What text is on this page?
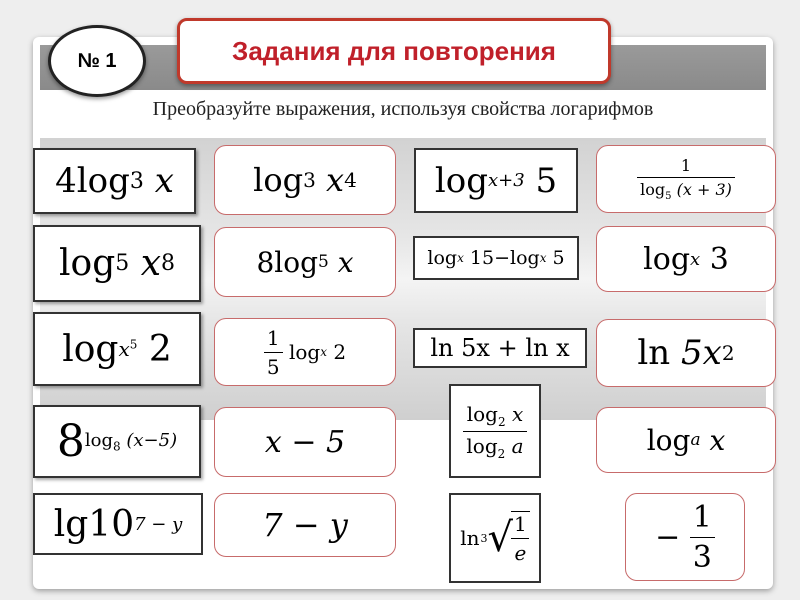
№ 1	Задания для повторения
Преобразуйте выражения, используя свойства логарифмов
4 log 3
x log 3
x 4 log x+3
5	$\frac{1}{\log_5 (x + 3)}$
log 5
x 8	8 log 5
x	log x
15 − log x
5	log x
3
$\log x^5$
2	$\frac{1}{5}$
log x
2	ln
5x
+
ln
x ln
5x 2
8 $\log_8 (x-5)$	x − 5	$\frac{\log_2 x}{\log_2 a}$	log a
x
lg 10 7 − y 7 − y	ln 3 √
$\frac{1}{e}$	−
$\frac{1}{3}$
